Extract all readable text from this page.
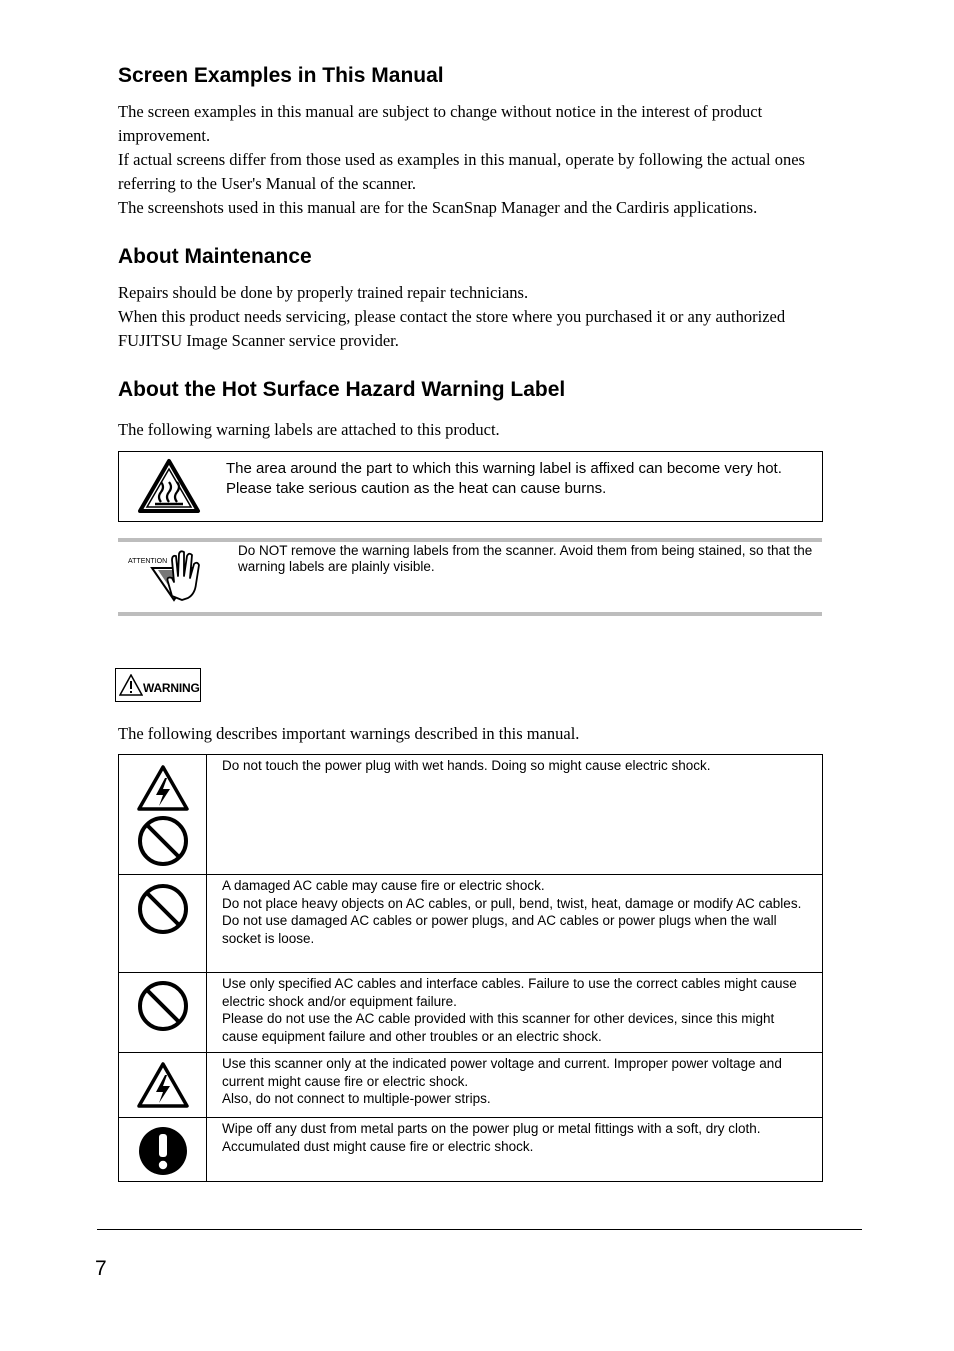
Screen Examples in This Manual
The screen examples in this manual are subject to change without notice in the interest of product
improvement.
If actual screens differ from those used as examples in this manual, operate by following the actual ones
referring to the User's Manual of the scanner.
The screenshots used in this manual are for the ScanSnap Manager and the Cardiris applications.
About Maintenance
Repairs should be done by properly trained repair technicians.
When this product needs servicing, please contact the store where you purchased it or any authorized
FUJITSU Image Scanner service provider.
About the Hot Surface Hazard Warning Label
The following warning labels are attached to this product.
The area around the part to which this warning label is affixed can become very hot.
Please take serious caution as the heat can cause burns.
ATTENTION
Do NOT remove the warning labels from the scanner. Avoid them from being stained, so that the warning labels are plainly visible.
WARNING
The following describes important warnings described in this manual.

Do not touch the power plug with wet hands. Doing so might cause electric shock.

A damaged AC cable may cause fire or electric shock.
Do not place heavy objects on AC cables, or pull, bend, twist, heat, damage or modify AC cables.
Do not use damaged AC cables or power plugs, and AC cables or power plugs when the wall socket is loose.

Use only specified AC cables and interface cables. Failure to use the correct cables might cause electric shock and/or equipment failure.
Please do not use the AC cable provided with this scanner for other devices, since this might cause equipment failure and other troubles or an electric shock.

Use this scanner only at the indicated power voltage and current. Improper power voltage and current might cause fire or electric shock.
Also, do not connect to multiple-power strips.

Wipe off any dust from metal parts on the power plug or metal fittings with a soft, dry cloth.
Accumulated dust might cause fire or electric shock.
7
